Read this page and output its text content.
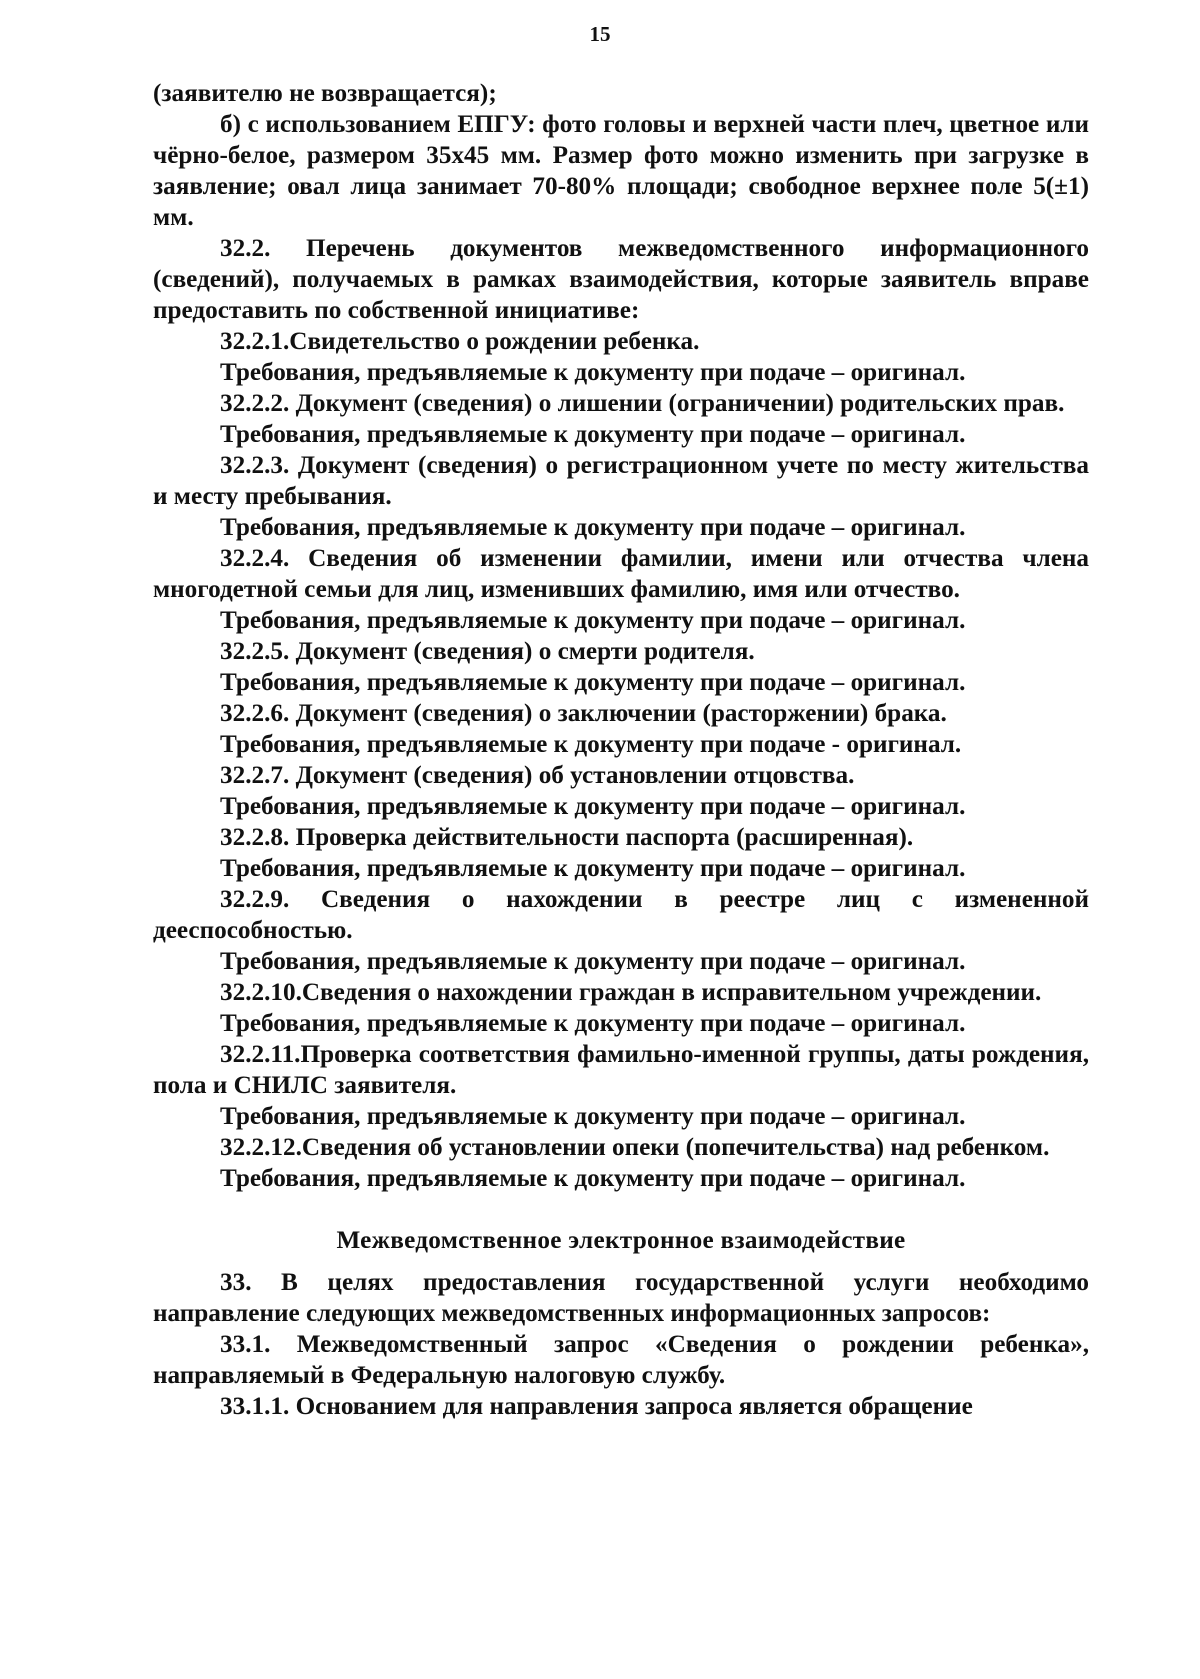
15

(заявителю не возвращается);

б) с использованием ЕПГУ: фото головы и верхней части плеч, цветное или чёрно-белое, размером 35х45 мм. Размер фото можно изменить при загрузке в заявление; овал лица занимает 70-80% площади; свободное верхнее поле 5(±1) мм.

32.2. Перечень документов межведомственного информационного (сведений), получаемых в рамках взаимодействия, которые заявитель вправе предоставить по собственной инициативе:

32.2.1.Свидетельство о рождении ребенка.

Требования, предъявляемые к документу при подаче – оригинал.

32.2.2. Документ (сведения) о лишении (ограничении) родительских прав.

Требования, предъявляемые к документу при подаче – оригинал.

32.2.3. Документ (сведения) о регистрационном учете по месту жительства и месту пребывания.

Требования, предъявляемые к документу при подаче – оригинал.

32.2.4. Сведения об изменении фамилии, имени или отчества члена многодетной семьи для лиц, изменивших фамилию, имя или отчество.

Требования, предъявляемые к документу при подаче – оригинал.

32.2.5. Документ (сведения) о смерти родителя.

Требования, предъявляемые к документу при подаче – оригинал.

32.2.6. Документ (сведения) о заключении (расторжении) брака.

Требования, предъявляемые к документу при подаче - оригинал.

32.2.7. Документ (сведения) об установлении отцовства.

Требования, предъявляемые к документу при подаче – оригинал.

32.2.8. Проверка действительности паспорта (расширенная).

Требования, предъявляемые к документу при подаче – оригинал.

32.2.9. Сведения о нахождении в реестре лиц с измененной дееспособностью.

Требования, предъявляемые к документу при подаче – оригинал.

32.2.10.Сведения о нахождении граждан в исправительном учреждении.

Требования, предъявляемые к документу при подаче – оригинал.

32.2.11.Проверка соответствия фамильно-именной группы, даты рождения, пола и СНИЛС заявителя.

Требования, предъявляемые к документу при подаче – оригинал.

32.2.12.Сведения об установлении опеки (попечительства) над ребенком.

Требования, предъявляемые к документу при подаче – оригинал.

Межведомственное электронное взаимодействие

33. В целях предоставления государственной услуги необходимо направление следующих межведомственных информационных запросов:

33.1. Межведомственный запрос «Сведения о рождении ребенка», направляемый в Федеральную налоговую службу.

33.1.1. Основанием для направления запроса является обращение
